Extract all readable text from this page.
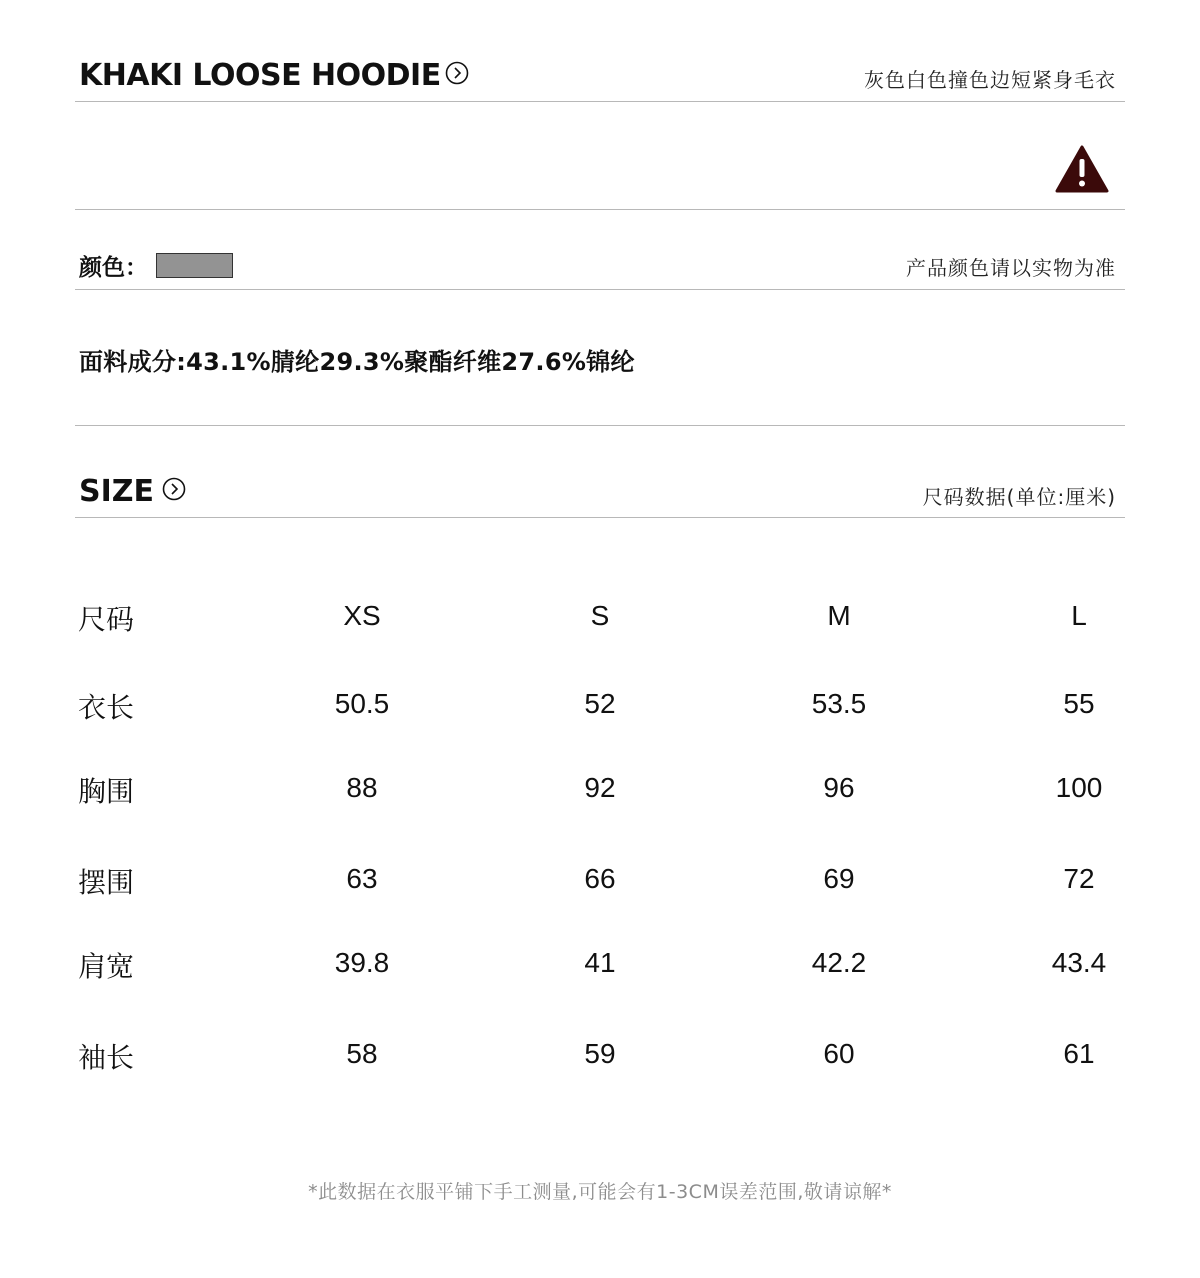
KHAKI LOOSE HOODIE	灰色白色撞色边短紧身毛衣
颜色：	产品颜色请以实物为准
面料成分:43.1%腈纶29.3%聚酯纤维27.6%锦纶
SIZE	尺码数据(单位:厘米)
尺码	XS	S	M	L
衣长	50.5	52	53.5	55
胸围	88	92	96	100
摆围	63	66	69	72
肩宽	39.8	41	42.2	43.4
袖长	58	59	60	61
*此数据在衣服平铺下手工测量,可能会有1-3CM误差范围,敬请谅解*
